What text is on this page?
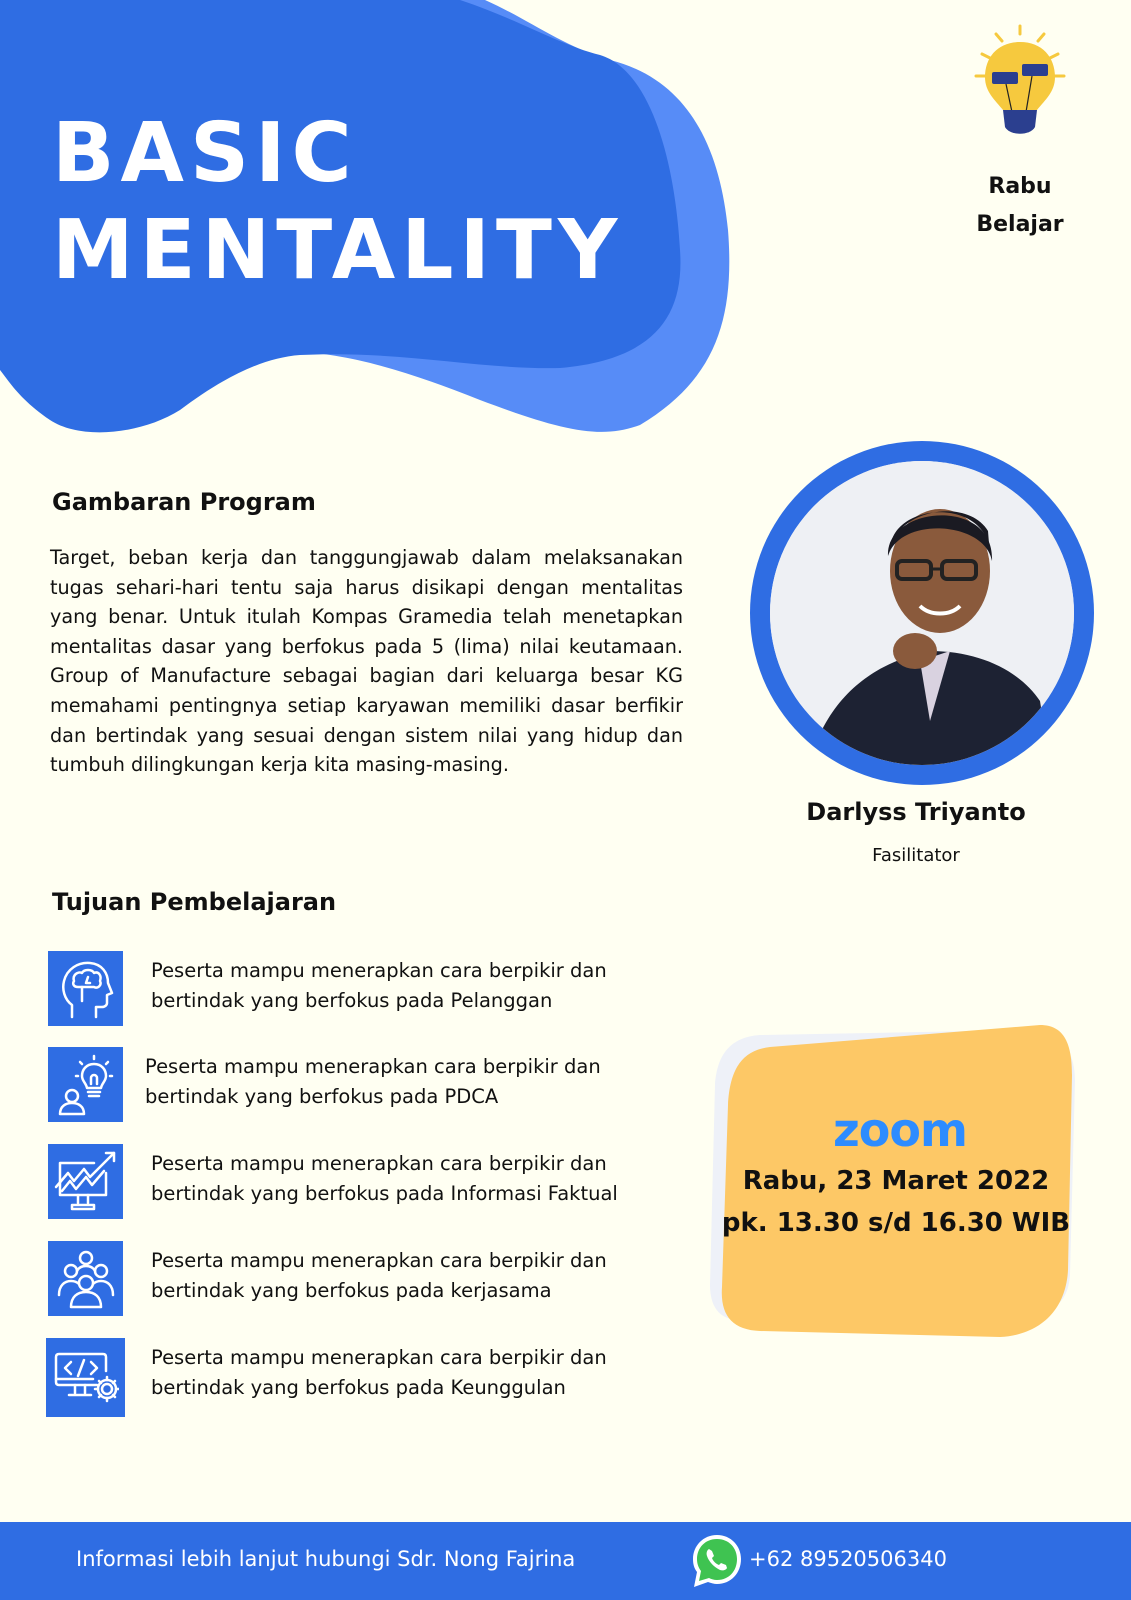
BASIC
MENTALITY
Rabu
Belajar
Gambaran Program

Target, beban kerja dan tanggungjawab dalam melaksanakan tugas sehari-hari tentu saja harus disikapi dengan mentalitas yang benar. Untuk itulah Kompas Gramedia telah menetapkan mentalitas dasar yang berfokus pada 5 (lima) nilai keutamaan. Group of Manufacture sebagai bagian dari keluarga besar KG memahami pentingnya setiap karyawan memiliki dasar berfikir dan bertindak yang sesuai dengan sistem nilai yang hidup dan tumbuh dilingkungan kerja kita masing-masing.

Darlyss Triyanto
Fasilitator
Tujuan Pembelajaran
Peserta mampu menerapkan cara berpikir dan
bertindak yang berfokus pada Pelanggan
Peserta mampu menerapkan cara berpikir dan
bertindak yang berfokus pada PDCA
Peserta mampu menerapkan cara berpikir dan
bertindak yang berfokus pada Informasi Faktual
Peserta mampu menerapkan cara berpikir dan
bertindak yang berfokus pada kerjasama
Peserta mampu menerapkan cara berpikir dan
bertindak yang berfokus pada Keunggulan
zoom
Rabu, 23 Maret 2022
pk. 13.30 s/d 16.30 WIB
Informasi lebih lanjut hubungi Sdr. Nong Fajrina	+62 89520506340
